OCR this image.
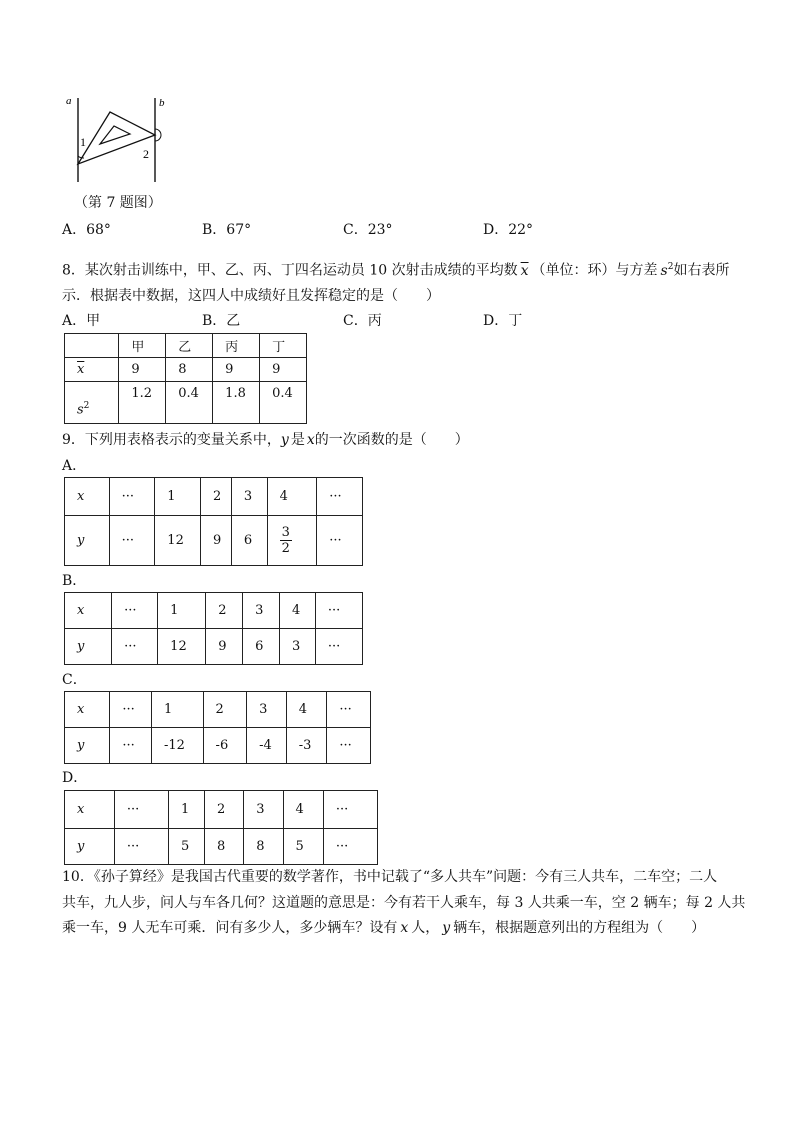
a	b
1
2
（第 7 题图）
A．68°	B．67°	C．23°	D．22°
8．某次射击训练中，甲、乙、丙、丁四名运动员 10 次射击成绩的平均数 $\overline{x}$ （单位：环）与方差 $s^2$如右表所
示．根据表中数据，这四人中成绩好且发挥稳定的是（　　）
A．甲	B．乙	C．丙	D．丁
	甲	乙	丙	丁
$\overline{x}$	9	8	9	9
$s^2$	1.2	0.4	1.8	0.4
9．下列用表格表示的变量关系中，y 是 x的一次函数的是（　　）
A．
x	···	1	2	3	4	···
y	···	12	9	6	$\frac{3}{2}$	···
B．
x	···	1	2	3	4	···
y	···	12	9	6	3	···
C．
x	···	1	2	3	4	···
y	···	-12	-6	-4	-3	···
D．
x	···	1	2	3	4	···
y	···	5	8	8	5	···
10．《孙子算经》是我国古代重要的数学著作，书中记载了“多人共车”问题：今有三人共车，二车空；二人
共车，九人步，问人与车各几何？这道题的意思是：今有若干人乘车，每 3 人共乘一车，空 2 辆车；每 2 人共
乘一车，9 人无车可乘．问有多少人，多少辆车？设有 x 人， y 辆车，根据题意列出的方程组为（　　）
